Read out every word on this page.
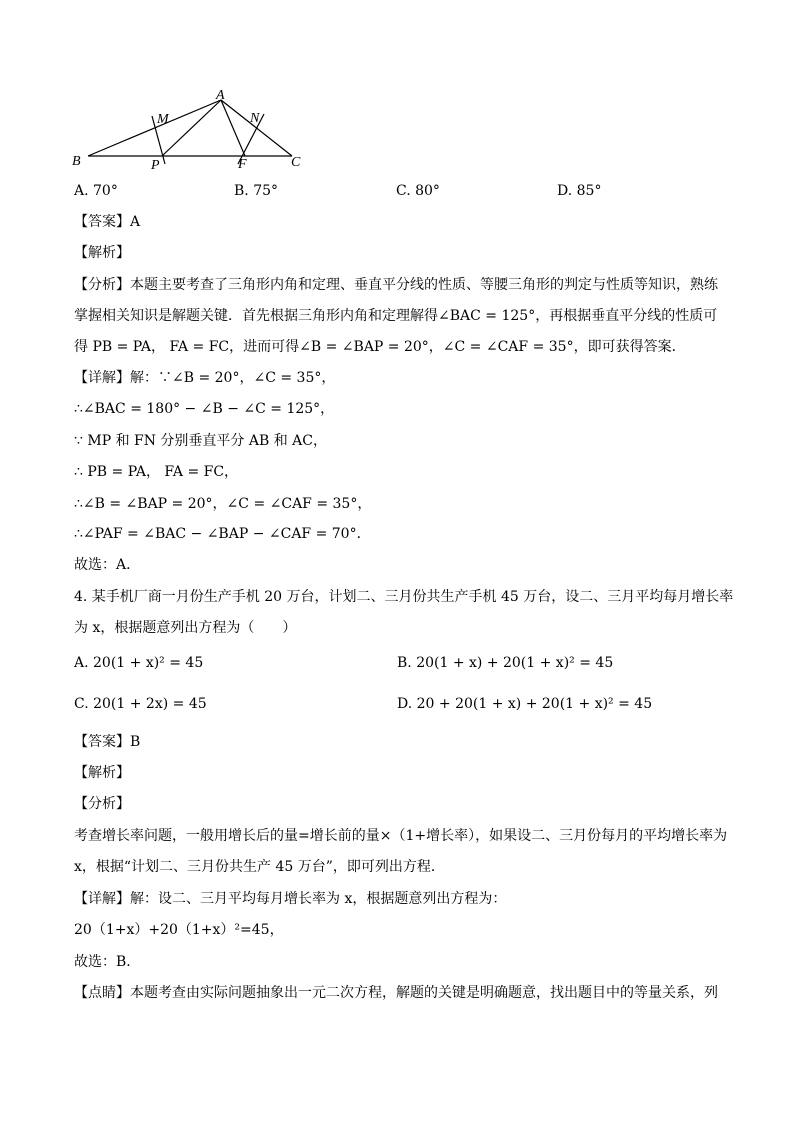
A
M	N
B	P	F	C
A. 70°	B. 75°	C. 80°	D. 85°
【答案】A
【解析】
【分析】本题主要考查了三角形内角和定理、垂直平分线的性质、等腰三角形的判定与性质等知识，熟练
掌握相关知识是解题关键．首先根据三角形内角和定理解得∠BAC = 125°，再根据垂直平分线的性质可
得 PB = PA， FA = FC，进而可得∠B = ∠BAP = 20°，∠C = ∠CAF = 35°，即可获得答案．
【详解】解：∵∠B = 20°，∠C = 35°，
∴∠BAC = 180° − ∠B − ∠C = 125°，
∵ MP 和 FN 分别垂直平分 AB 和 AC，
∴ PB = PA， FA = FC，
∴∠B = ∠BAP = 20°，∠C = ∠CAF = 35°，
∴∠PAF = ∠BAC − ∠BAP − ∠CAF = 70°．
故选：A．
4. 某手机厂商一月份生产手机 20 万台，计划二、三月份共生产手机 45 万台，设二、三月平均每月增长率
为 x，根据题意列出方程为（　　）
A. 20(1 + x)² = 45	B. 20(1 + x) + 20(1 + x)² = 45
C. 20(1 + 2x) = 45	D. 20 + 20(1 + x) + 20(1 + x)² = 45
【答案】B
【解析】
【分析】
考查增长率问题，一般用增长后的量=增长前的量×（1+增长率），如果设二、三月份每月的平均增长率为
x，根据“计划二、三月份共生产 45 万台”，即可列出方程．
【详解】解：设二、三月平均每月增长率为 x，根据题意列出方程为：
20（1+x）+20（1+x）²=45，
故选：B．
【点睛】本题考查由实际问题抽象出一元二次方程，解题的关键是明确题意，找出题目中的等量关系，列
